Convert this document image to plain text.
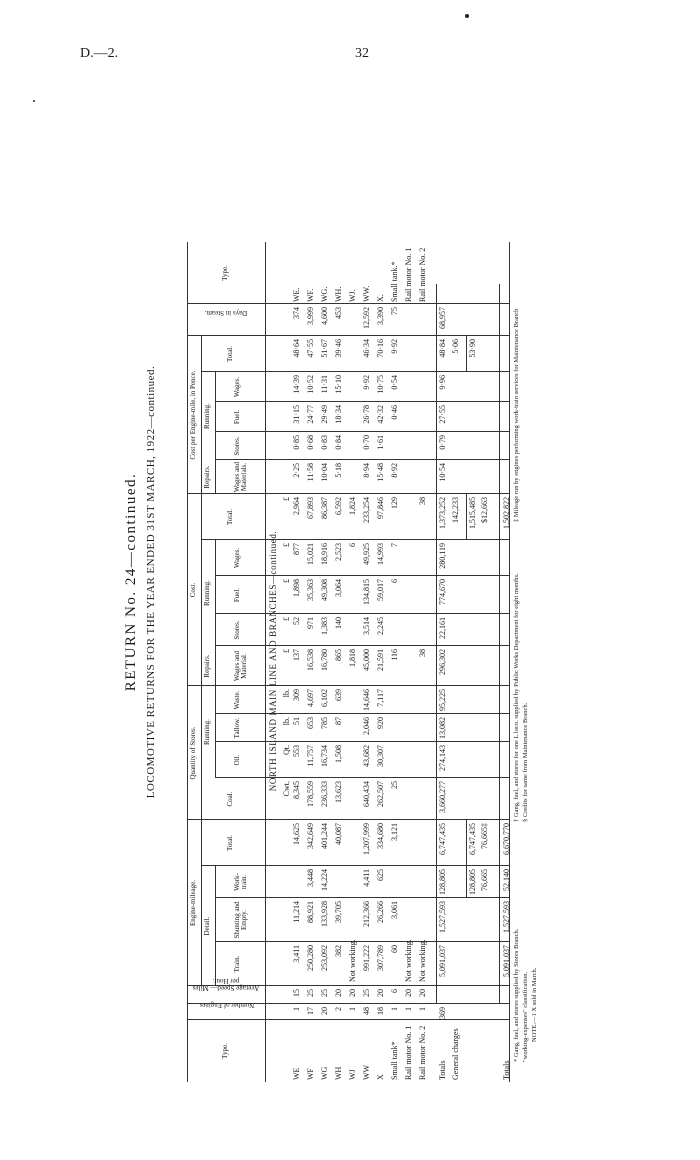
D.—2.	32
RETURN No. 24—continued. LOCOMOTIVE RETURNS FOR THE YEAR ENDED 31ST MARCH, 1922—continued.
Engine-mileage. Detail.
Quantity of Stores. Running.
Cost.
Repairs.
Running.
Cost per Engine-mile, in Pence.
Repairs.
Running.
Type.
Number of Engines.
Average Speed— Miles per Hour.
Train.
Shunting and Empty.
Work-train.
Total.
Coal.
Oil.
Tallow.
Waste.
Wages and Material.
Stores.
Fuel.
Wages.
Total.
Wages and Materials.
Stores.
Fuel.
Wages.
Total.
Days in Steam.
Type.
NORTH ISLAND MAIN LINE AND BRANCHES—continued. Cwt.
Qt.
lb.
lb.
£
£
£
£
£
WE
1
15
3,411
11,214
14,625
8,345
553
51
309
137
52
1,898
877
2,964
2·25
0·85
31·15
14·39
48·64
374
WE.
WF
17
25
250,280
88,921
3,448
342,649
178,559
11,757
653
4,697
16,538
971
35,363
15,021
67,893
11·58
0·68
24·77
10·52
47·55
3,999
WF.
WG
20
25
253,092
133,928
14,224
401,244
236,333
16,734
785
6,102
16,780
1,383
49,308
18,916
86,387
10·04
0·83
29·49
11·31
51·67
4,600
WG.
WH
2
20
382
39,705
40,087
13,623
1,508
87
639
865
140
3,064
2,523
6,592
5·18
0·84
18·34
15·10
39·46
453
WH.
WJ
1
20
Not working.
1,818
6
1,824
WJ.
WW
48
25
991,222
212,366
4,411
1,207,999
640,434
43,682
2,046
14,646
45,000
3,514
134,815
49,925
233,254
8·94
0·70
26·78
9·92
46·34
12,592
WW.
X
18
20
307,789
26,266
625
334,680
262,507
30,307
920
7,117
21,591
2,245
59,017
14,993
97,846
15·48
1·61
42·32
10·75
70·16
3,390
X.
Small tank*
1
6
60
3,061
3,121
25
116
6
7
129
8·92
0·46
0·54
9·92
75
Small tank.*
Rail motor No. 1
1
20
Not working.
Rail motor No. 1
Rail motor No. 2
1
20
Not working.
38
38
Rail motor No. 2
Totals
369
5,091,037
1,527,593
128,805
6,747,435
3,660,277
274,143
13,082
95,225
296,302
22,161
774,670
280,119
1,373,252
10·54
0·79
27·55
9·96
48·84
68,957
General charges
142,233
5·06
128,805
6,747,435
1,515,485
53·90
76,665
76,665‡
$12,663
Totals
5,091,037
1,527,593
52,140
6,670,770
1,502,822
* Gang, fuel, and stores supplied by Stores Branch.
† Gang, fuel, and stores for one L loco. supplied by Public Works Department for eight months.
‡ Mileage run by engines performing work-train services for Maintenance Branch
"working-expenses" classification.
§ Credits for same from Maintenance Branch.
NOTE.—1 X sold in March.
